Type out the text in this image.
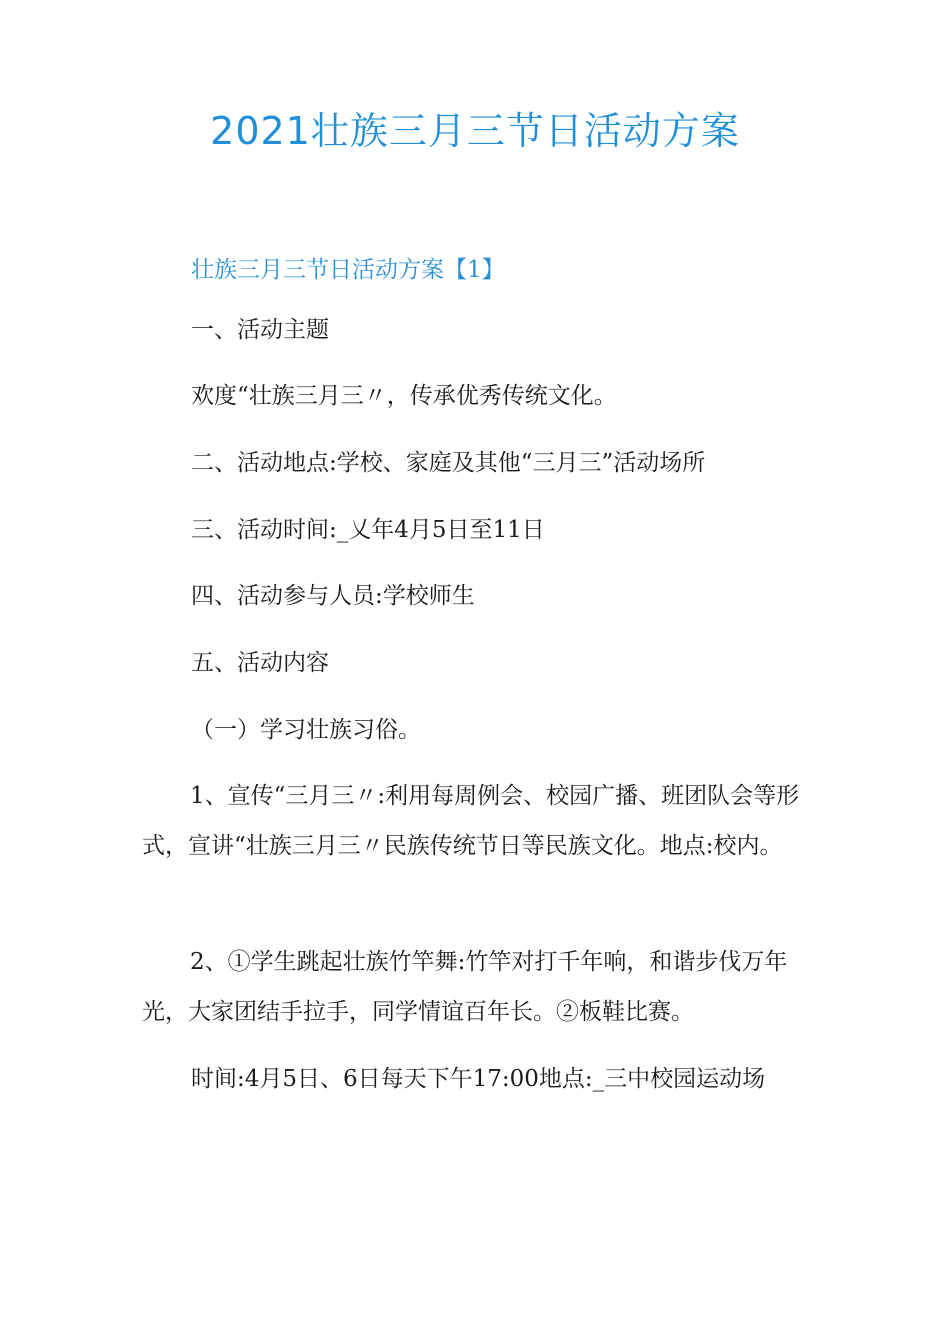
2021壮族三月三节日活动方案
壮族三月三节日活动方案【1】
一、活动主题
欢度“壮族三月三〃，传承优秀传统文化。
二、活动地点:学校、家庭及其他“三月三”活动场所
三、活动时间:_乂年4月5日至11日
四、活动参与人员:学校师生
五、活动内容
（一）学习壮族习俗。
1、宣传“三月三〃:利用每周例会、校园广播、班团队会等形式，宣讲“壮族三月三〃民族传统节日等民族文化。地点:校内。
2、①学生跳起壮族竹竿舞:竹竿对打千年响，和谐步伐万年光，大家团结手拉手，同学情谊百年长。②板鞋比赛。
时间:4月5日、6日每天下午17:00地点:_三中校园运动场
